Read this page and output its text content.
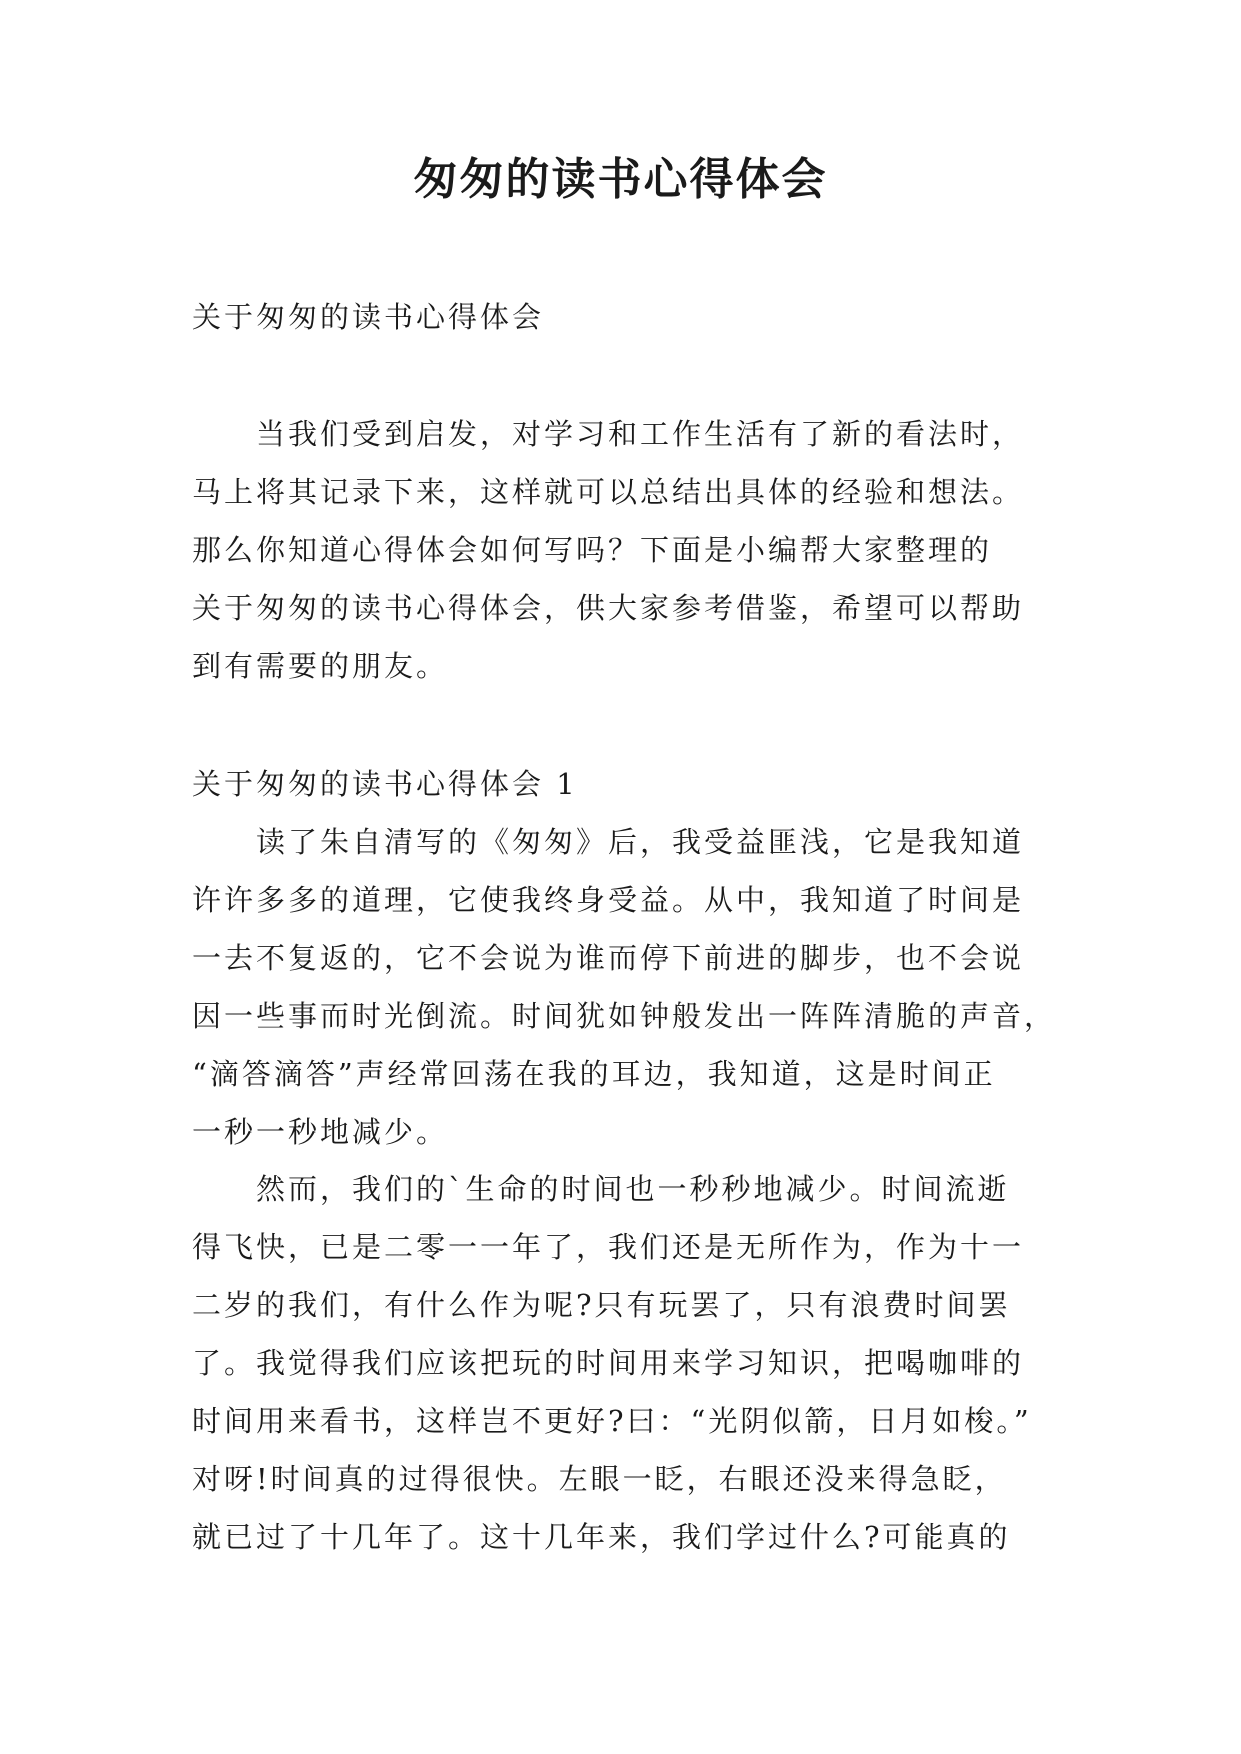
匆匆的读书心得体会
关于匆匆的读书心得体会
　　当我们受到启发，对学习和工作生活有了新的看法时，
马上将其记录下来，这样就可以总结出具体的经验和想法。
那么你知道心得体会如何写吗？下面是小编帮大家整理的
关于匆匆的读书心得体会，供大家参考借鉴，希望可以帮助
到有需要的朋友。
关于匆匆的读书心得体会 1
　　读了朱自清写的《匆匆》后，我受益匪浅，它是我知道
许许多多的道理，它使我终身受益。从中，我知道了时间是
一去不复返的，它不会说为谁而停下前进的脚步，也不会说
因一些事而时光倒流。时间犹如钟般发出一阵阵清脆的声音，
“滴答滴答”声经常回荡在我的耳边，我知道，这是时间正
一秒一秒地减少。
　　然而，我们的`生命的时间也一秒秒地减少。时间流逝
得飞快，已是二零一一年了，我们还是无所作为，作为十一
二岁的我们，有什么作为呢?只有玩罢了，只有浪费时间罢
了。我觉得我们应该把玩的时间用来学习知识，把喝咖啡的
时间用来看书，这样岂不更好?曰：“光阴似箭，日月如梭。”
对呀!时间真的过得很快。左眼一眨，右眼还没来得急眨，
就已过了十几年了。这十几年来，我们学过什么?可能真的
